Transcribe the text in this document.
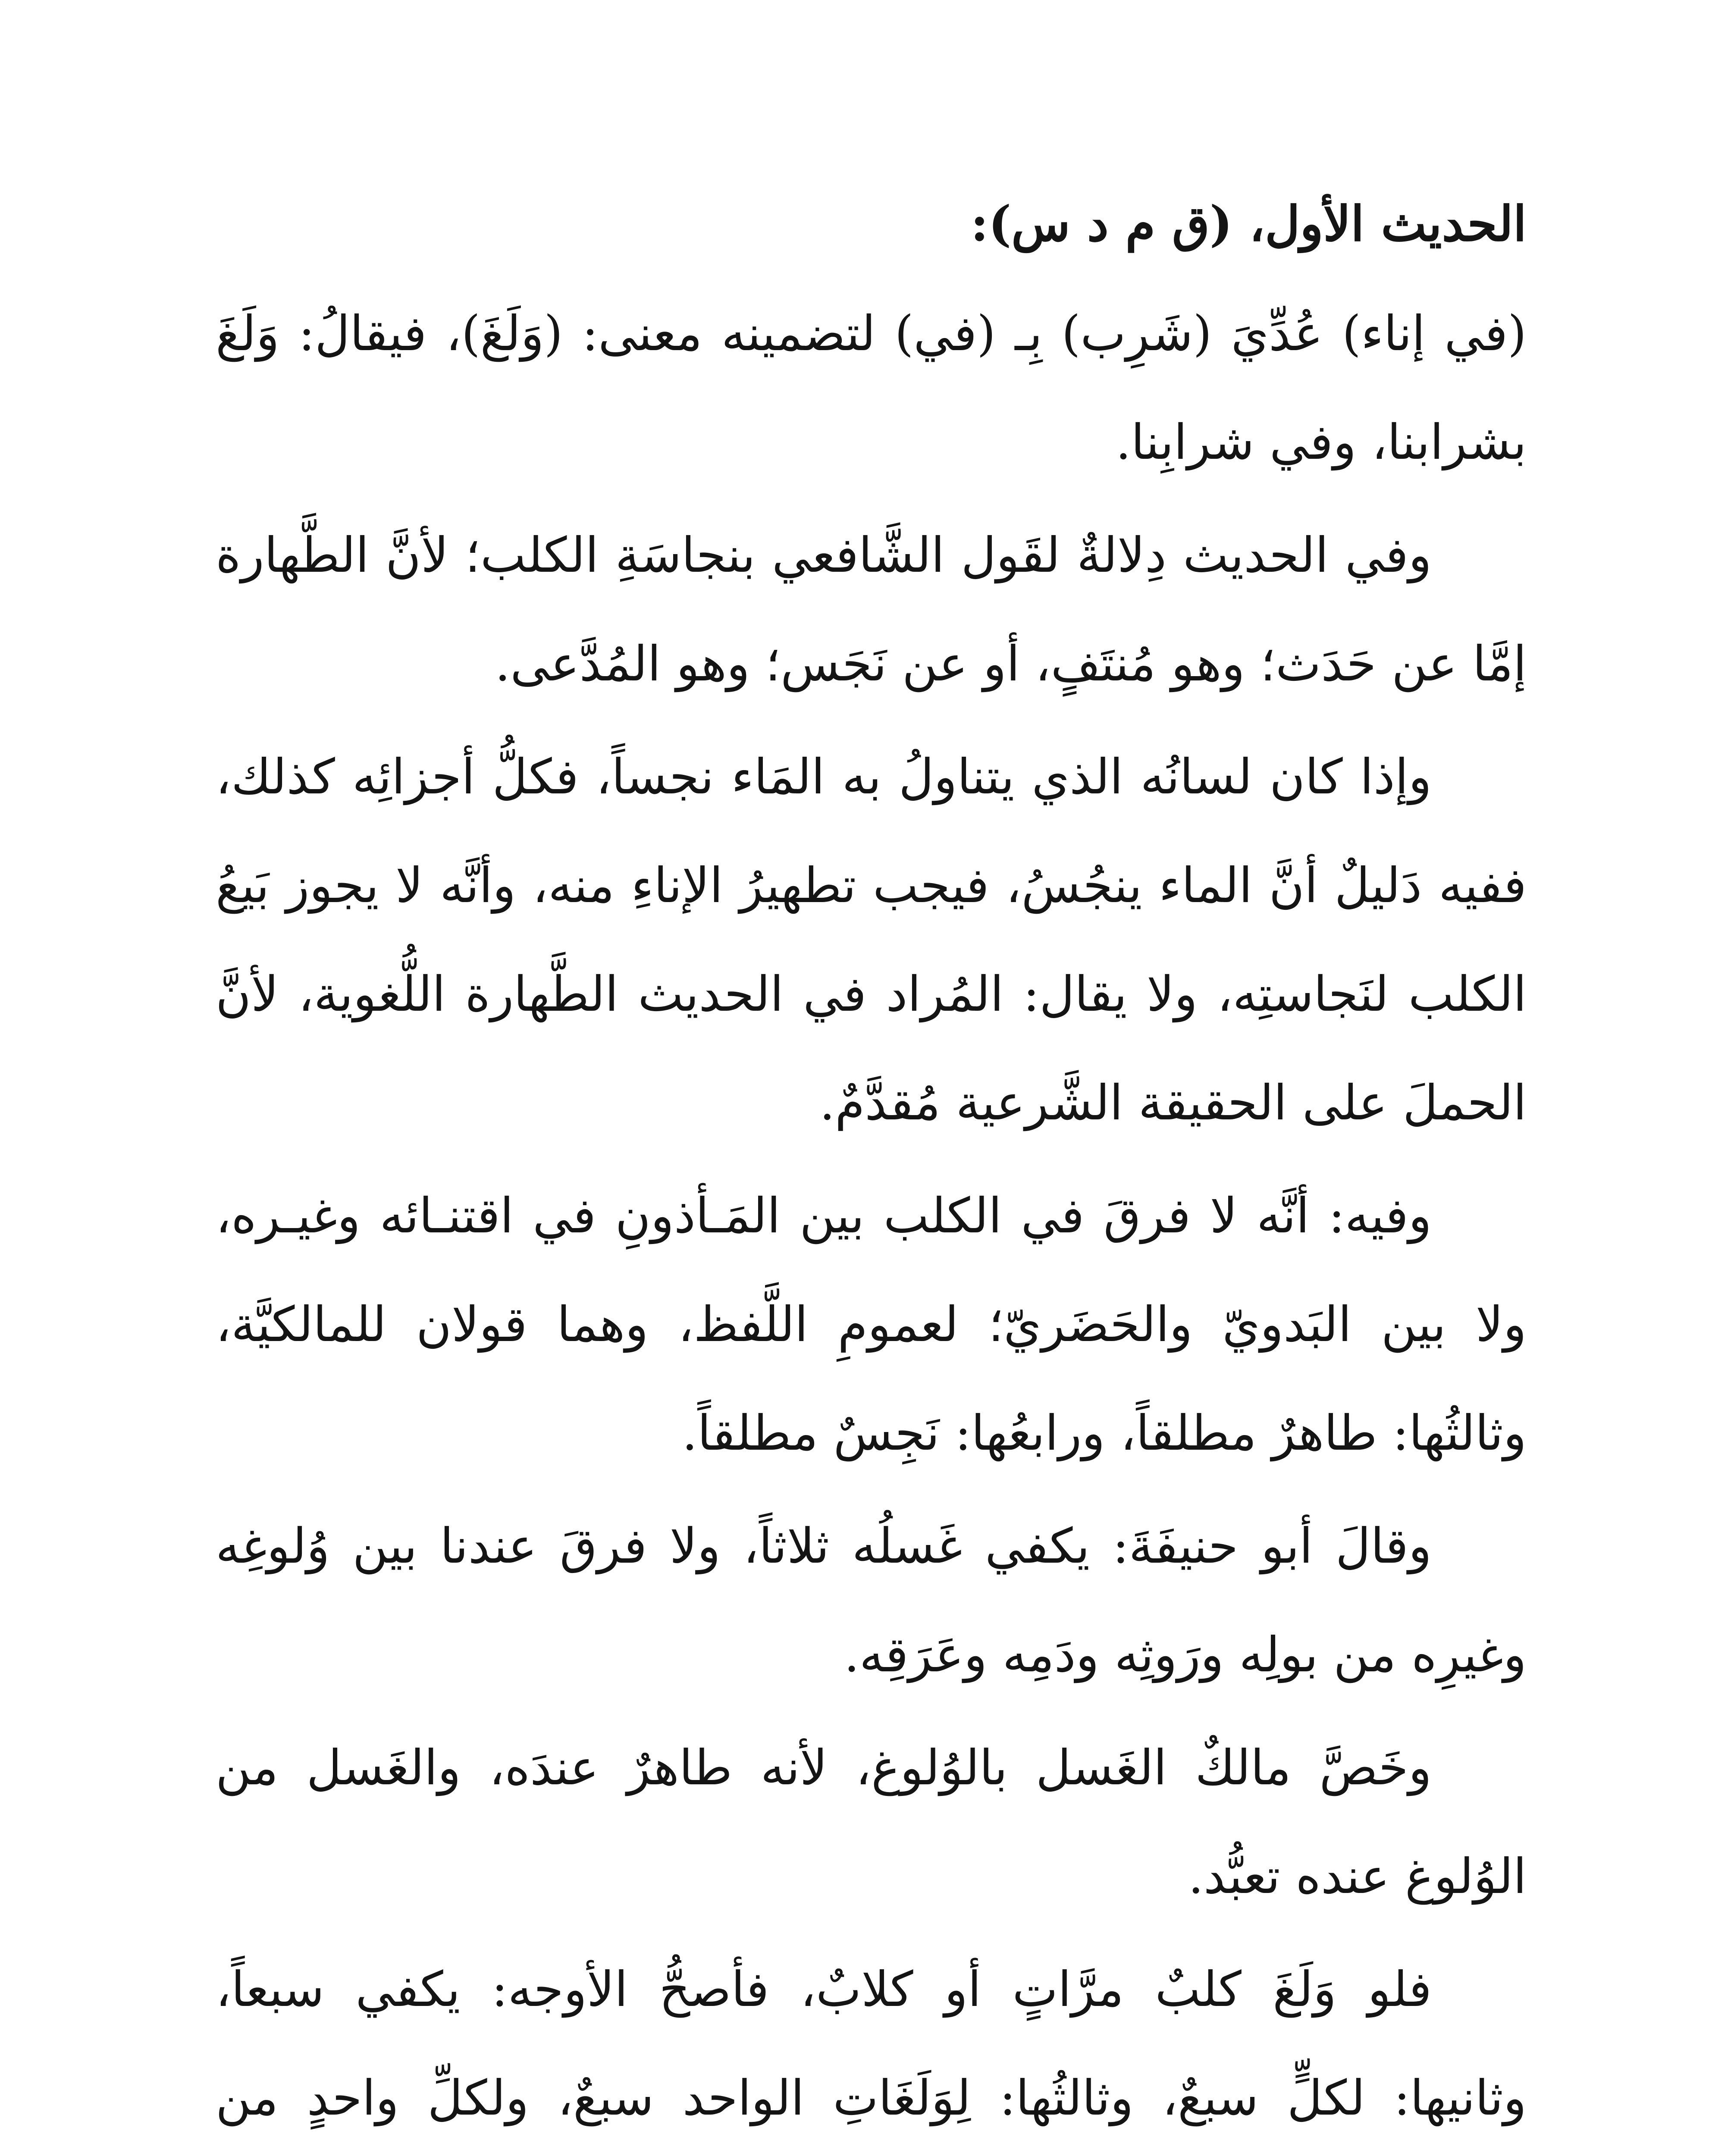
الحديث الأول، (ق م د س):

(في إناء) عُدِّيَ (شَرِب) بِـ (في) لتضمينه معنى: (وَلَغَ)، فيقالُ: وَلَغَ بشرابنا، وفي شرابِنا.

وفي الحديث دِلالةٌ لقَول الشَّافعي بنجاسَةِ الكلب؛ لأنَّ الطَّهارة إمَّا عن حَدَث؛ وهو مُنتَفٍ، أو عن نَجَس؛ وهو المُدَّعى.

وإذا كان لسانُه الذي يتناولُ به المَاء نجساً، فكلُّ أجزائِه كذلك، ففيه دَليلٌ أنَّ الماء ينجُسُ، فيجب تطهيرُ الإناءِ منه، وأنَّه لا يجوز بَيعُ الكلب لنَجاستِه، ولا يقال: المُراد في الحديث الطَّهارة اللُّغوية، لأنَّ الحملَ على الحقيقة الشَّرعية مُقدَّمٌ.

وفيه: أنَّه لا فرقَ في الكلب بين المَـأذونِ في اقتنـائه وغيـره، ولا بين البَدويّ والحَضَريّ؛ لعمومِ اللَّفظ، وهما قولان للمالكيَّة، وثالثُها: طاهرٌ مطلقاً، ورابعُها: نَجِسٌ مطلقاً.

وقالَ أبو حنيفَةَ: يكفي غَسلُه ثلاثاً، ولا فرقَ عندنا بين وُلوغِه وغيرِه من بولِه ورَوثِه ودَمِه وعَرَقِه.

وخَصَّ مالكٌ الغَسل بالوُلوغ، لأنه طاهرٌ عندَه، والغَسل من الوُلوغ عنده تعبُّد.

فلو وَلَغَ كلبٌ مرَّاتٍ أو كلابٌ، فأصحُّ الأوجه: يكفي سبعاً، وثانيها: لكلٍّ سبعٌ، وثالثُها: لِوَلَغَاتِ الواحد سبعٌ، ولكلِّ واحدٍ من
